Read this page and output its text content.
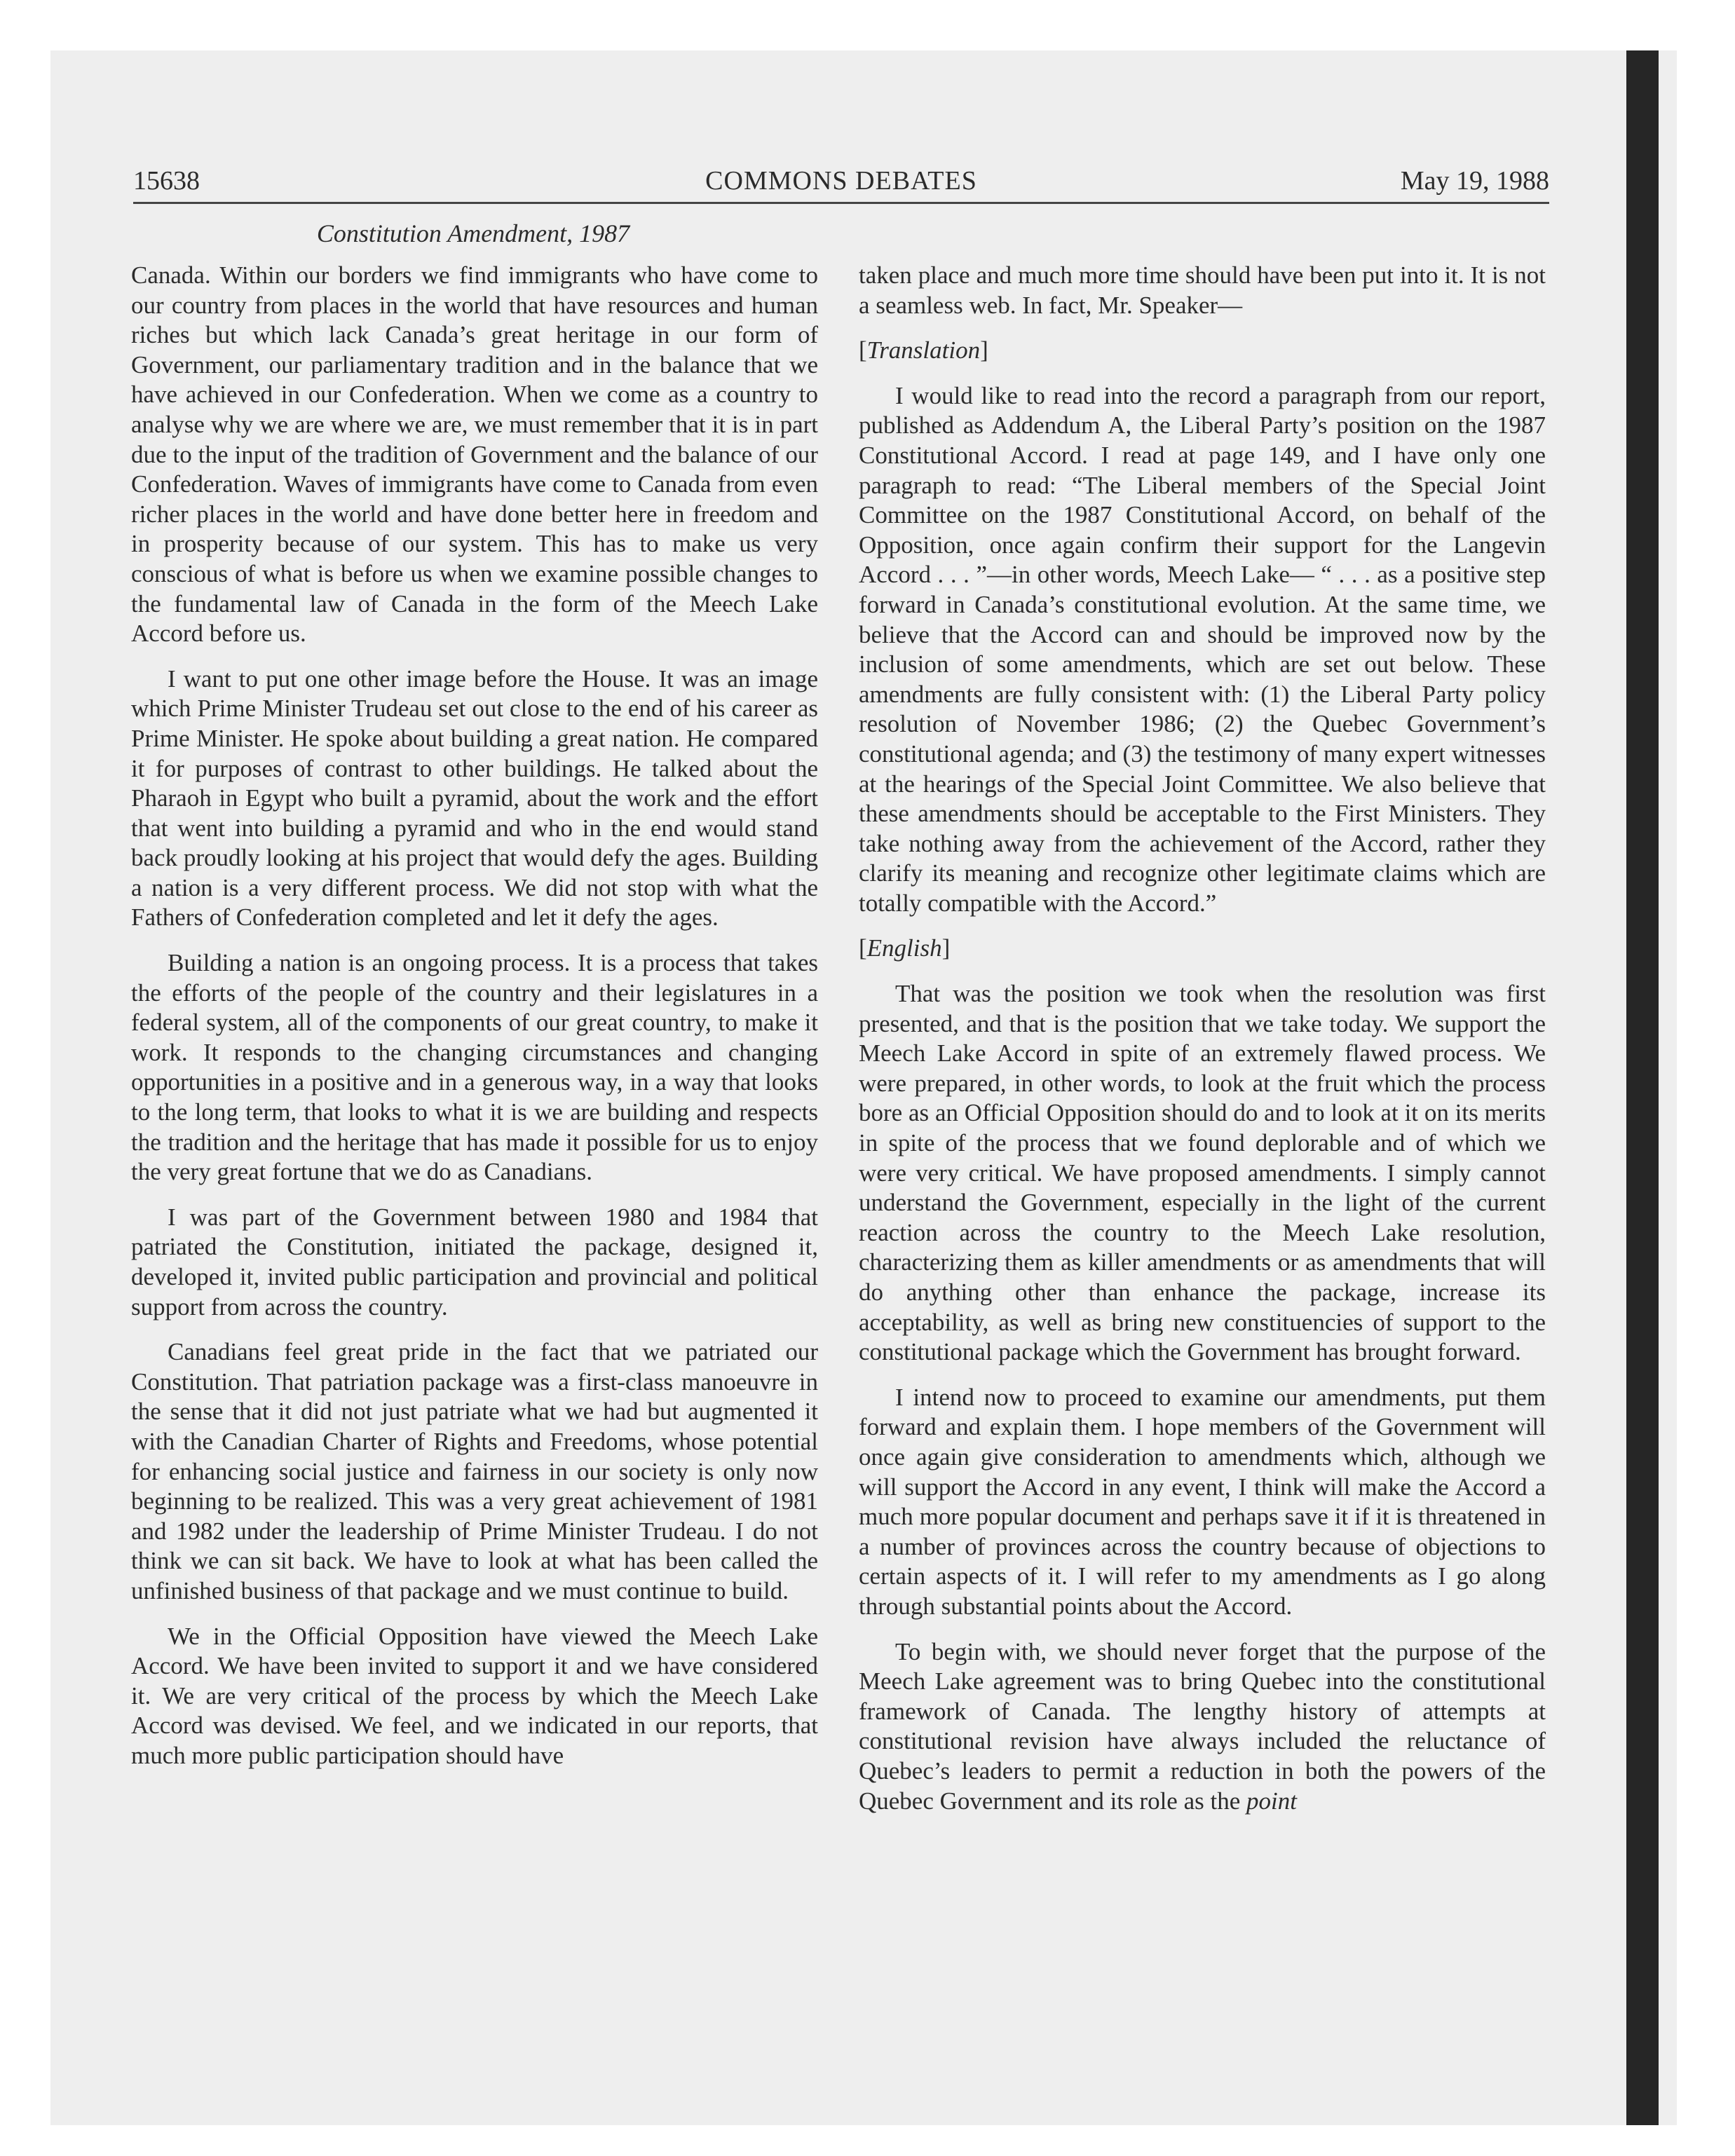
15638	COMMONS DEBATES	May 19, 1988
Constitution Amendment, 1987

Canada. Within our borders we find immigrants who have come to our country from places in the world that have resources and human riches but which lack Canada’s great heritage in our form of Government, our parliamentary tradition and in the balance that we have achieved in our Confederation. When we come as a country to analyse why we are where we are, we must remember that it is in part due to the input of the tradition of Government and the balance of our Confederation. Waves of immigrants have come to Canada from even richer places in the world and have done better here in freedom and in prosperity because of our system. This has to make us very conscious of what is before us when we examine possible changes to the fundamental law of Canada in the form of the Meech Lake Accord before us.

I want to put one other image before the House. It was an image which Prime Minister Trudeau set out close to the end of his career as Prime Minister. He spoke about building a great nation. He compared it for purposes of contrast to other buildings. He talked about the Pharaoh in Egypt who built a pyramid, about the work and the effort that went into building a pyramid and who in the end would stand back proudly looking at his project that would defy the ages. Building a nation is a very different process. We did not stop with what the Fathers of Confederation completed and let it defy the ages.

Building a nation is an ongoing process. It is a process that takes the efforts of the people of the country and their legislatures in a federal system, all of the components of our great country, to make it work. It responds to the changing circumstances and changing opportunities in a positive and in a generous way, in a way that looks to the long term, that looks to what it is we are building and respects the tradition and the heritage that has made it possible for us to enjoy the very great fortune that we do as Canadians.

I was part of the Government between 1980 and 1984 that patriated the Constitution, initiated the package, designed it, developed it, invited public participation and provincial and political support from across the country.

Canadians feel great pride in the fact that we patriated our Constitution. That patriation package was a first-class manoeuvre in the sense that it did not just patriate what we had but augmented it with the Canadian Charter of Rights and Freedoms, whose potential for enhancing social justice and fairness in our society is only now beginning to be realized. This was a very great achievement of 1981 and 1982 under the leadership of Prime Minister Trudeau. I do not think we can sit back. We have to look at what has been called the unfinished business of that package and we must continue to build.

We in the Official Opposition have viewed the Meech Lake Accord. We have been invited to support it and we have considered it. We are very critical of the process by which the Meech Lake Accord was devised. We feel, and we indicated in our reports, that much more public participation should have

taken place and much more time should have been put into it. It is not a seamless web. In fact, Mr. Speaker—

[Translation]

I would like to read into the record a paragraph from our report, published as Addendum A, the Liberal Party’s position on the 1987 Constitutional Accord. I read at page 149, and I have only one paragraph to read: “The Liberal members of the Special Joint Committee on the 1987 Constitutional Accord, on behalf of the Opposition, once again confirm their support for the Langevin Accord . . . ”—in other words, Meech Lake— “ . . . as a positive step forward in Canada’s constitutional evolution. At the same time, we believe that the Accord can and should be improved now by the inclusion of some amendments, which are set out below. These amendments are fully consistent with: (1) the Liberal Party policy resolution of November 1986; (2) the Quebec Government’s constitutional agenda; and (3) the testimony of many expert witnesses at the hearings of the Special Joint Committee. We also believe that these amendments should be acceptable to the First Ministers. They take nothing away from the achievement of the Accord, rather they clarify its meaning and recognize other legitimate claims which are totally compatible with the Accord.”

[English]

That was the position we took when the resolution was first presented, and that is the position that we take today. We support the Meech Lake Accord in spite of an extremely flawed process. We were prepared, in other words, to look at the fruit which the process bore as an Official Opposition should do and to look at it on its merits in spite of the process that we found deplorable and of which we were very critical. We have proposed amendments. I simply cannot understand the Government, especially in the light of the current reaction across the country to the Meech Lake resolution, characterizing them as killer amendments or as amendments that will do anything other than enhance the package, increase its acceptability, as well as bring new constituencies of support to the constitutional package which the Government has brought forward.

I intend now to proceed to examine our amendments, put them forward and explain them. I hope members of the Government will once again give consideration to amendments which, although we will support the Accord in any event, I think will make the Accord a much more popular document and perhaps save it if it is threatened in a number of provinces across the country because of objections to certain aspects of it. I will refer to my amendments as I go along through substantial points about the Accord.

To begin with, we should never forget that the purpose of the Meech Lake agreement was to bring Quebec into the constitutional framework of Canada. The lengthy history of attempts at constitutional revision have always included the reluctance of Quebec’s leaders to permit a reduction in both the powers of the Quebec Government and its role as the point
